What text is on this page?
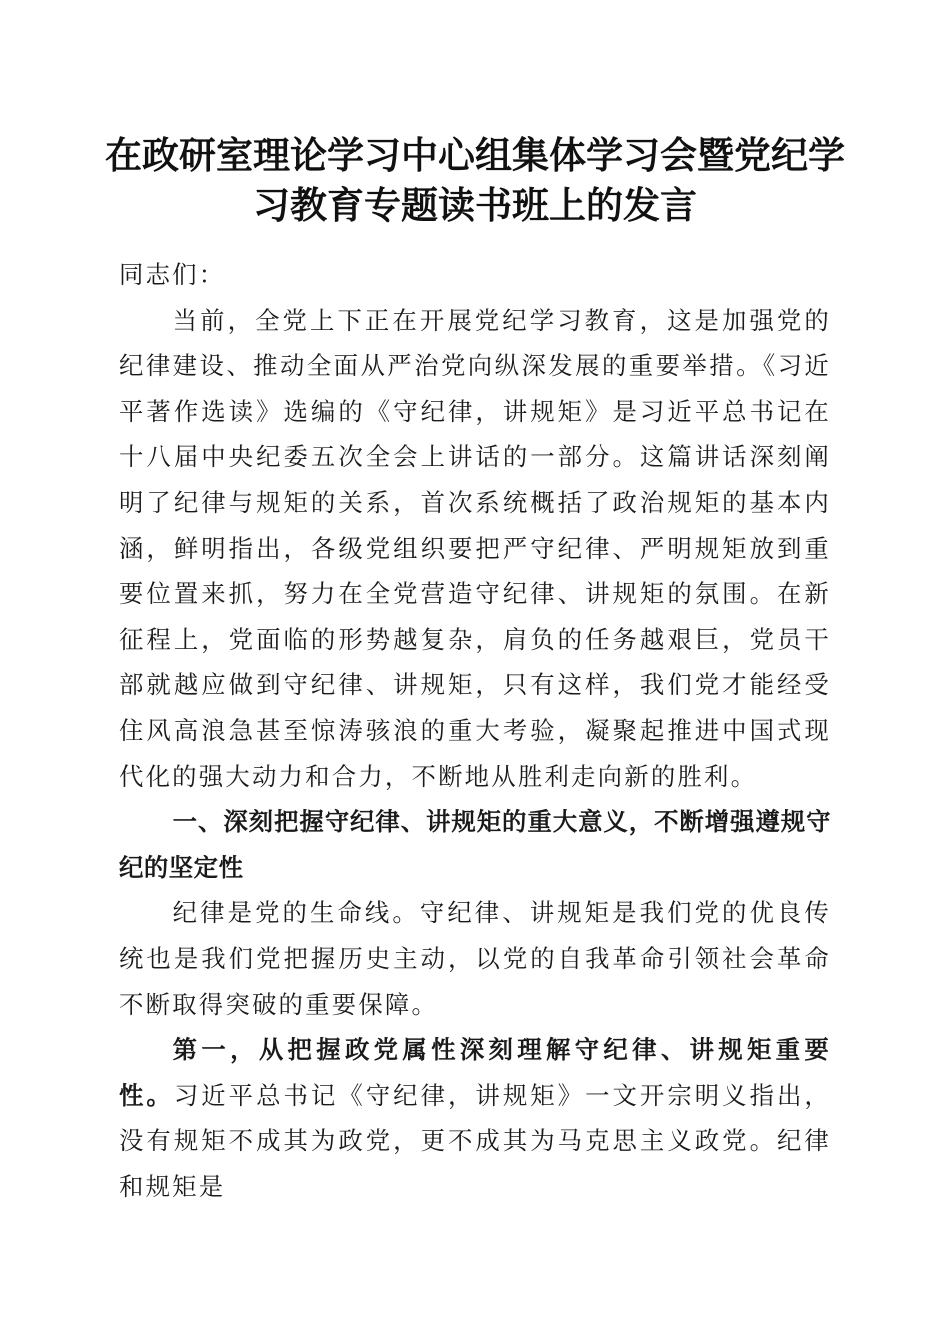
在政研室理论学习中心组集体学习会暨党纪学习教育专题读书班上的发言

同志们：

当前，全党上下正在开展党纪学习教育，这是加强党的纪律建设、推动全面从严治党向纵深发展的重要举措。《习近平著作选读》选编的《守纪律，讲规矩》是习近平总书记在十八届中央纪委五次全会上讲话的一部分。这篇讲话深刻阐明了纪律与规矩的关系，首次系统概括了政治规矩的基本内涵，鲜明指出，各级党组织要把严守纪律、严明规矩放到重要位置来抓，努力在全党营造守纪律、讲规矩的氛围。在新征程上，党面临的形势越复杂，肩负的任务越艰巨，党员干部就越应做到守纪律、讲规矩，只有这样，我们党才能经受住风高浪急甚至惊涛骇浪的重大考验，凝聚起推进中国式现代化的强大动力和合力，不断地从胜利走向新的胜利。

一、深刻把握守纪律、讲规矩的重大意义，不断增强遵规守纪的坚定性

纪律是党的生命线。守纪律、讲规矩是我们党的优良传统也是我们党把握历史主动，以党的自我革命引领社会革命不断取得突破的重要保障。

第一，从把握政党属性深刻理解守纪律、讲规矩重要性。习近平总书记《守纪律，讲规矩》一文开宗明义指出，没有规矩不成其为政党，更不成其为马克思主义政党。纪律和规矩是
